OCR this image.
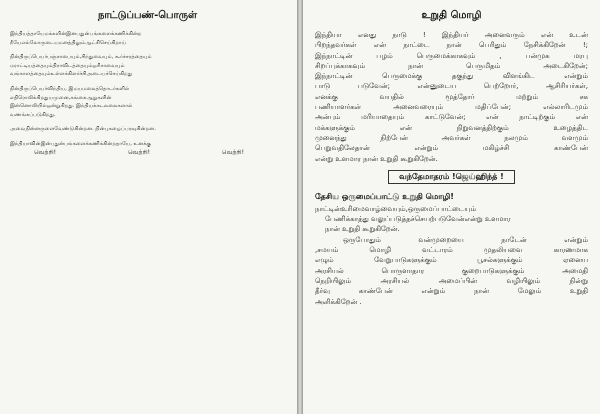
நாட்டுப்பண்-பொருள்
இந்தியத்தாயேமக்களின்இனபதுன்பங்களைக்கணிக்கின்ற
நீயேஎல்லோருடையமனத்திலும்ஆட்சிசெய்கிறாய்
நின்திருப்பெயர்பஞ்சாபையும்,சிந்துவையும், கூர்ச்சரத்தையும்
மராட்டியத்தையும்திராவிடத்தையும்ஒரிசாவையும்
வங்காளத்தையும்உள்ளக்கிளர்ச்சிஅடையச்செய்கிறது
நின்திருப்பெயர்விந்திய, இமயமலைத்தொடர்களில்
எதிரொலிக்கிறதுயமுனை,கங்கைஆறுகளின்
இன்னொலியில்ஒன்றுகிறது. இந்தியக்கடலலைகளால்
வணங்கப்படுகிறது.
அவைநின்னருளைவேண்டுகின்றன. நின்புகழைப்பரவுகின்றன.
இந்தியாவின்இன்பதுன்பங்களைக்கணிக்கின்றதாயே, உனக்கு
வெற்றி!	வெற்றி!	வெற்றி!
உறுதி மொழி
இந்தியா எனது நாடு ! இந்தியர் அனைவரும் என் உடன்
பிறந்தவர்கள் என் நாட்டை நான் பெரிதும் நேசிக்கிறேன் !;
இந்நாட்டின் பழம் பெருமைக்காகவும் , பன்முக மரபு
சிறப்புக்காகவும் நான் பெருமிதம் அடைகிறேன்;
இந்நாட்டின் பெருமைக்கு தகுந்து விளங்கிட என்றும்
பாடு படுவேன்; என்னுடைய பெற்றோர், ஆசிரியர்கள்,
எனக்கு வயதில் மூத்தோர் மற்றும் சக
பணியாளர்கள் அனைவரையும் மதிப்பேன்; எல்லாரிடமும்
அன்பும் மரியாதையும் காட்டுவேன்; என் நாட்டிற்கும் என்
மக்களுக்கும் என் நிறுவனத்திற்கும் உழைத்திட
முனைந்து நிற்பேன் அவர்கள் நலமும் வளமும்
பெறுவதிலேதான் என்றும் மகிழ்ச்சி காண்பேன்
என்று உளமார நான் உறுதி கூறுகிறேன்.
வந்தேமாதரம் !ஜெய்ஹிந்த் !
தேசிய ஒருமைப்பாட்டு உறுதி மொழி!
நாட்டின்உரிமைவாழ்வையும்,ஒருமைப்பாட்டையும்
பேணிக்காத்து வலுப்படுத்தச்செயற்படுவேன்என்று உளமார
நான் உறுதி கூறுகிறேன்.
ஒருபோதும் வன்முறையை நாடேன் என்றும்
,சமயம் மொழி வட்டாரம் முதலியவை காரணமாக
எழும் வேறுபாடுகளுக்கும் பூசல்களுக்கும் ஏனைய
அரசியல் பொருளாதார குறைபாடுகளுக்கும் அமைதி
நெறியிலும் அரசியல் அமைப்பின் வழியிலும் நின்று
தீர்வு காண்பேன் என்றும் நான் மேலும் உறுதி
அளிக்கிறேன் .
